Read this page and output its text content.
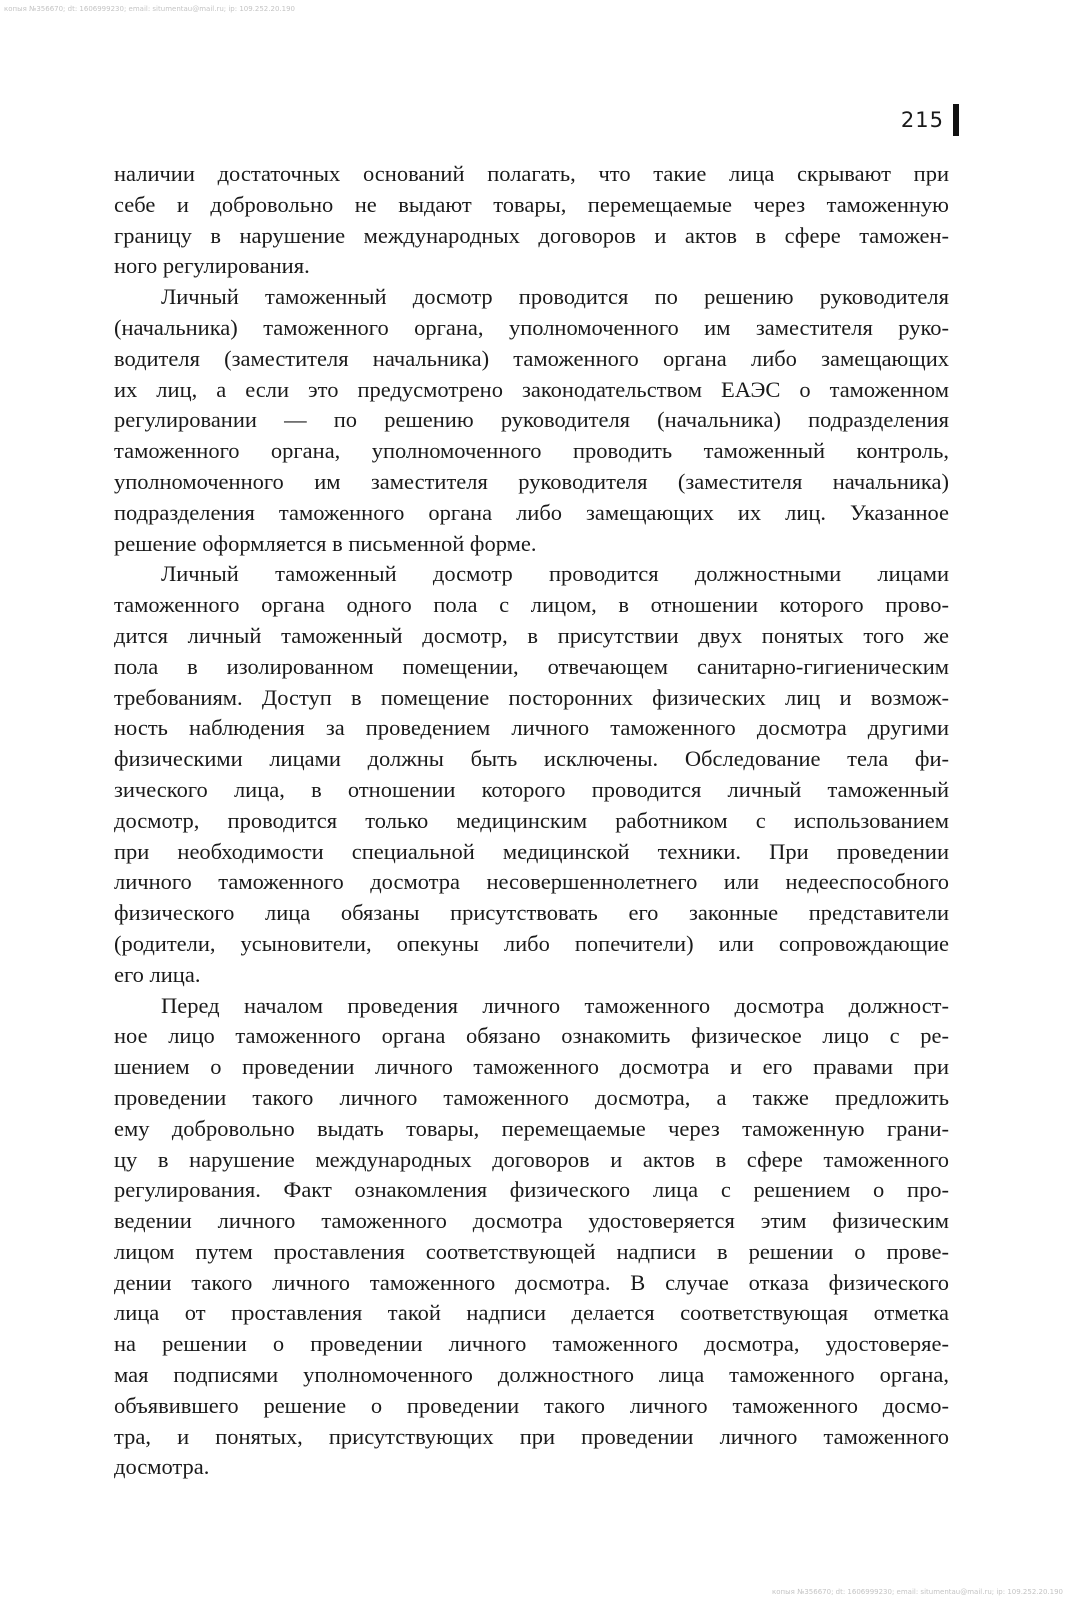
копыя №356670; dt: 1606999230; email: situmentau@mail.ru; ip: 109.252.20.190
215
наличии достаточных оснований полагать, что такие лица скрывают при
себе и добровольно не выдают товары, перемещаемые через таможенную
границу в нарушение международных договоров и актов в сфере таможен-
ного регулирования.
Личный таможенный досмотр проводится по решению руководителя
(начальника) таможенного органа, уполномоченного им заместителя руко-
водителя (заместителя начальника) таможенного органа либо замещающих
их лиц, а если это предусмотрено законодательством ЕАЭС о таможенном
регулировании — по решению руководителя (начальника) подразделения
таможенного органа, уполномоченного проводить таможенный контроль,
уполномоченного им заместителя руководителя (заместителя начальника)
подразделения таможенного органа либо замещающих их лиц. Указанное
решение оформляется в письменной форме.
Личный таможенный досмотр проводится должностными лицами
таможенного органа одного пола с лицом, в отношении которого прово-
дится личный таможенный досмотр, в присутствии двух понятых того же
пола в изолированном помещении, отвечающем санитарно-гигиеническим
требованиям. Доступ в помещение посторонних физических лиц и возмож-
ность наблюдения за проведением личного таможенного досмотра другими
физическими лицами должны быть исключены. Обследование тела фи-
зического лица, в отношении которого проводится личный таможенный
досмотр, проводится только медицинским работником с использованием
при необходимости специальной медицинской техники. При проведении
личного таможенного досмотра несовершеннолетнего или недееспособного
физического лица обязаны присутствовать его законные представители
(родители, усыновители, опекуны либо попечители) или сопровождающие
его лица.
Перед началом проведения личного таможенного досмотра должност-
ное лицо таможенного органа обязано ознакомить физическое лицо с ре-
шением о проведении личного таможенного досмотра и его правами при
проведении такого личного таможенного досмотра, а также предложить
ему добровольно выдать товары, перемещаемые через таможенную грани-
цу в нарушение международных договоров и актов в сфере таможенного
регулирования. Факт ознакомления физического лица с решением о про-
ведении личного таможенного досмотра удостоверяется этим физическим
лицом путем проставления соответствующей надписи в решении о прове-
дении такого личного таможенного досмотра. В случае отказа физического
лица от проставления такой надписи делается соответствующая отметка
на решении о проведении личного таможенного досмотра, удостоверяе-
мая подписями уполномоченного должностного лица таможенного органа,
объявившего решение о проведении такого личного таможенного досмо-
тра, и понятых, присутствующих при проведении личного таможенного
досмотра.
копыя №356670; dt: 1606999230; email: situmentau@mail.ru; ip: 109.252.20.190
